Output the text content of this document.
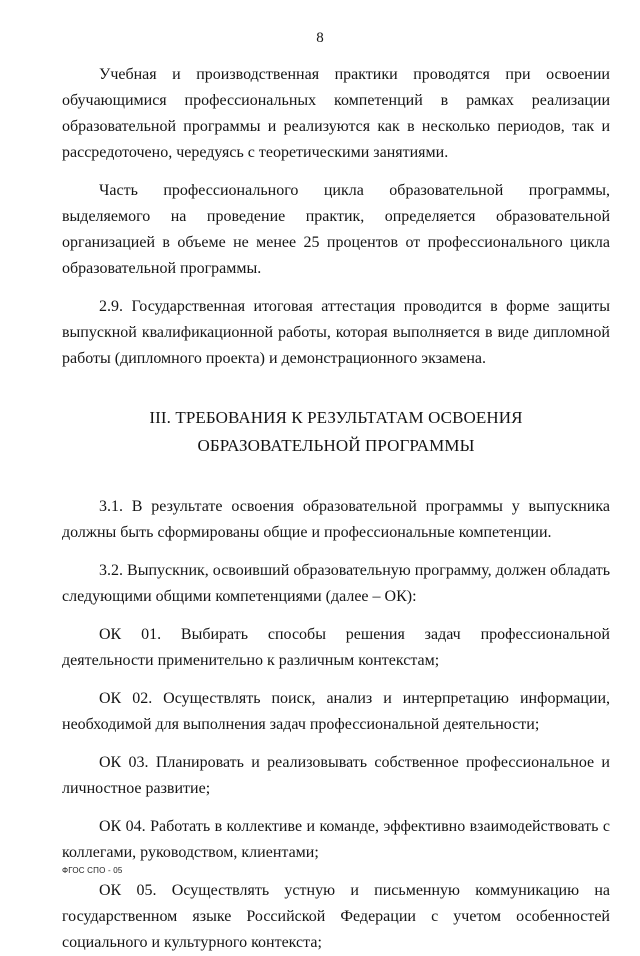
8

Учебная и производственная практики проводятся при освоении обучающимися профессиональных компетенций в рамках реализации образовательной программы и реализуются как в несколько периодов, так и рассредоточено, чередуясь с теоретическими занятиями.

Часть профессионального цикла образовательной программы, выделяемого на проведение практик, определяется образовательной организацией в объеме не менее 25 процентов от профессионального цикла образовательной программы.

2.9. Государственная итоговая аттестация проводится в форме защиты выпускной квалификационной работы, которая выполняется в виде дипломной работы (дипломного проекта) и демонстрационного экзамена.

III. ТРЕБОВАНИЯ К РЕЗУЛЬТАТАМ ОСВОЕНИЯ
ОБРАЗОВАТЕЛЬНОЙ ПРОГРАММЫ

3.1. В результате освоения образовательной программы у выпускника должны быть сформированы общие и профессиональные компетенции.

3.2. Выпускник, освоивший образовательную программу, должен обладать следующими общими компетенциями (далее – ОК):

ОК 01. Выбирать способы решения задач профессиональной деятельности применительно к различным контекстам;

ОК 02. Осуществлять поиск, анализ и интерпретацию информации, необходимой для выполнения задач профессиональной деятельности;

ОК 03. Планировать и реализовывать собственное профессиональное и личностное развитие;

ОК 04. Работать в коллективе и команде, эффективно взаимодействовать с коллегами, руководством, клиентами;

ОК 05. Осуществлять устную и письменную коммуникацию на государственном языке Российской Федерации с учетом особенностей социального и культурного контекста;

ФГОС СПО - 05
